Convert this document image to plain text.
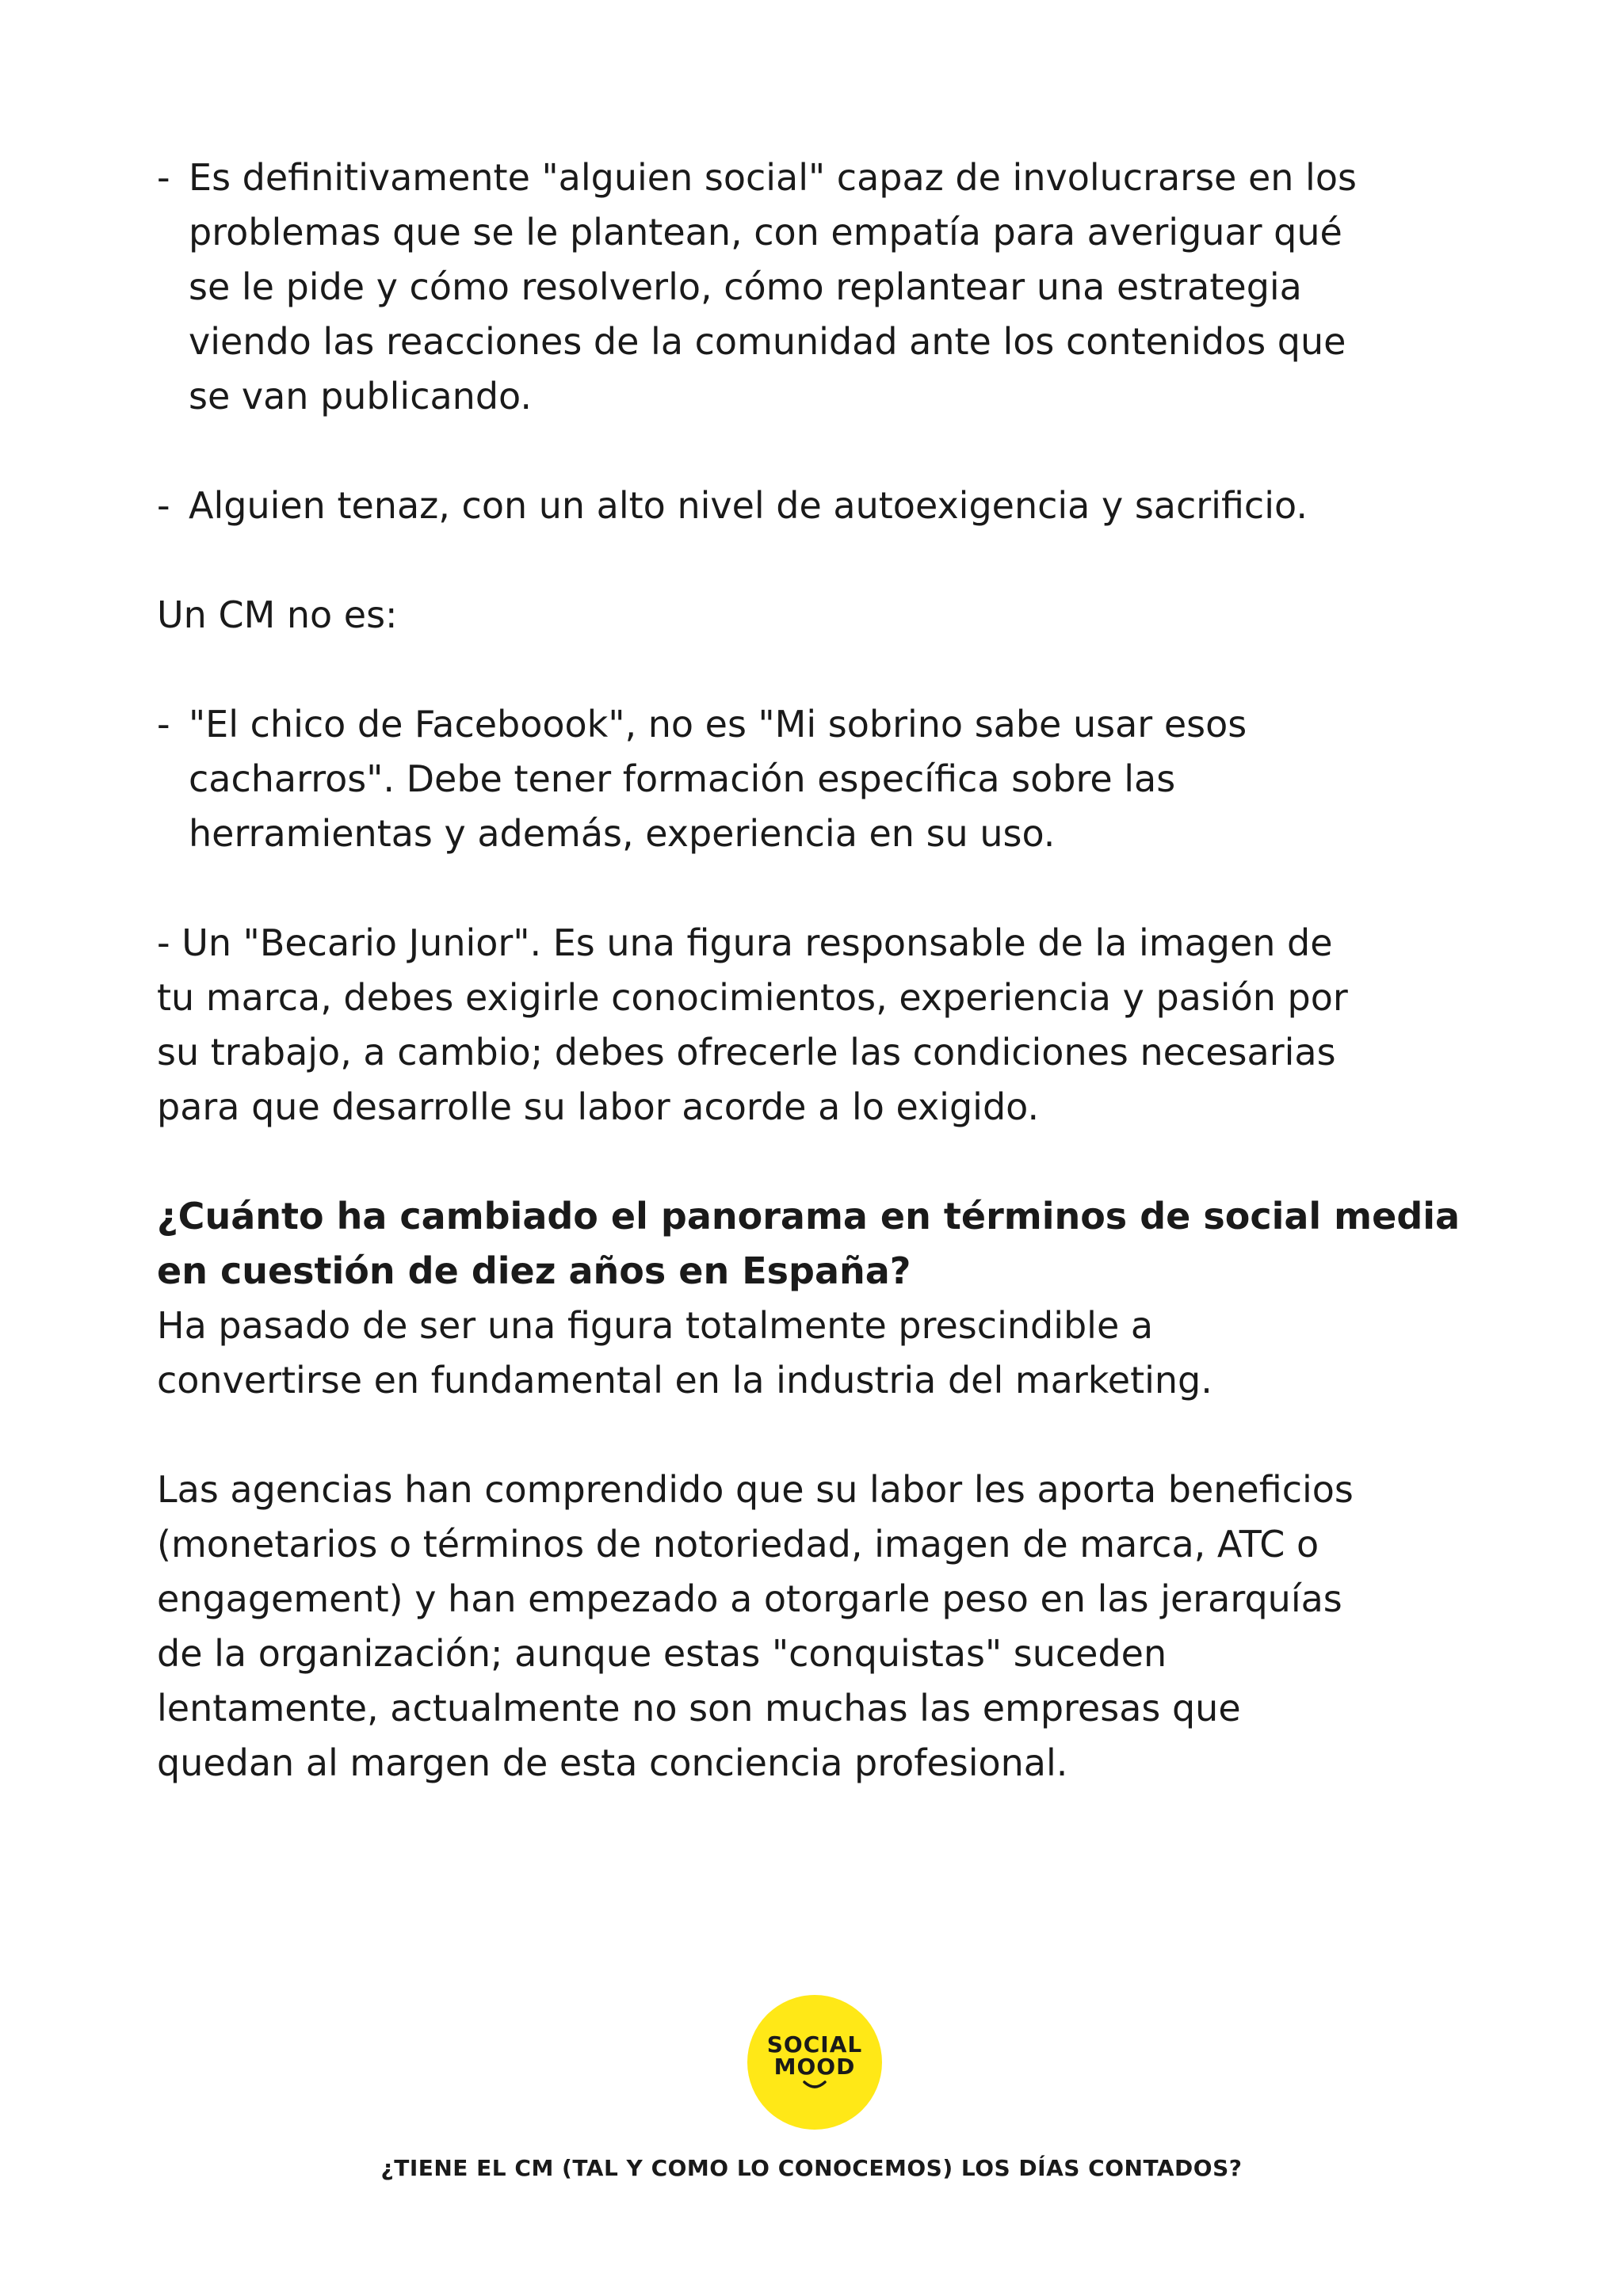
- Es definitivamente "alguien social" capaz de involucrarse en los

problemas que se le plantean, con empatía para averiguar qué

se le pide y cómo resolverlo, cómo replantear una estrategia

viendo las reacciones de la comunidad ante los contenidos que

se van publicando.

- Alguien tenaz, con un alto nivel de autoexigencia y sacrificio.

Un CM no es:

- "El chico de Faceboook", no es "Mi sobrino sabe usar esos

cacharros". Debe tener formación específica sobre las

herramientas y además, experiencia en su uso.

- Un "Becario Junior". Es una figura responsable de la imagen de

tu marca, debes exigirle conocimientos, experiencia y pasión por

su trabajo, a cambio; debes ofrecerle las condiciones necesarias

para que desarrolle su labor acorde a lo exigido.

¿Cuánto ha cambiado el panorama en términos de social media

en cuestión de diez años en España?

Ha pasado de ser una figura totalmente prescindible a

convertirse en fundamental en la industria del marketing.

Las agencias han comprendido que su labor les aporta beneficios

(monetarios o términos de notoriedad, imagen de marca, ATC o

engagement) y han empezado a otorgarle peso en las jerarquías

de la organización; aunque estas "conquistas" suceden

lentamente, actualmente no son muchas las empresas que

quedan al margen de esta conciencia profesional.

SOCIAL
MOOD
¿TIENE EL CM (TAL Y COMO LO CONOCEMOS) LOS DÍAS CONTADOS?
